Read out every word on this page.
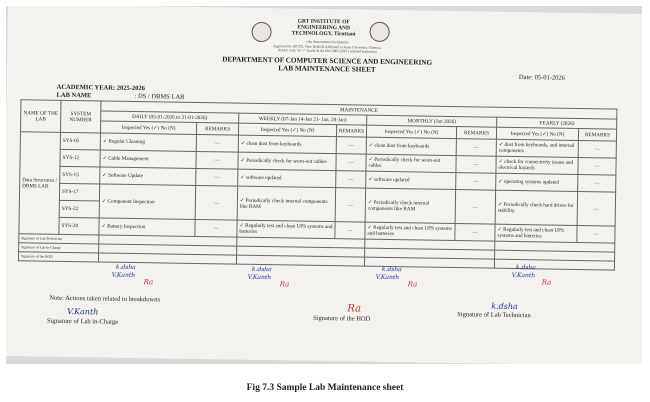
GRT INSTITUTE OF
ENGINEERING AND
TECHNOLOGY, Tiruttani
(An Autonomous Institution)
Approved by AICTE, New Delhi & Affiliated to Anna University, Chennai.
NAAC with "A++" Grade & An ISO 9001:2015 Certified Institution
DEPARTMENT OF COMPUTER SCIENCE AND ENGINEERING
LAB MAINTENANCE SHEET
Date: 05-01-2026
ACADEMIC YEAR: 2025-2026
LAB NAME	: DS / DBMS LAB
NAME OF THE LAB	SYSTEM NUMBER	MAINTENANCE							
		DAILY (05-01-2026 to 31-01-2026)		WEEKLY (07-Jan 14-Jan 21- Jan, 28-Jan)		MONTHLY (Jan 2026)		YEARLY (2026)	
		Inspected Yes (✓) No (N)	REMARKS	Inspected Yes (✓) No (N)	REMARKS	Inspected Yes (✓) No (N)	REMARKS	Inspected Yes (✓) No (N)	REMARKS
Data Structures / DBMS LAB	SYS-05	✓ Regular Cleaning	—	✓ clean dust from keyboards	—	✓ clean dust from keyboards	—	✓ dust from keyboards, and internal components	—
	SYS-12	✓ Cable Management	—	✓ Periodically check for worn-out cables	—	✓ Periodically check for worn-out cables	—	✓ check for connectivity issues and electrical hazards	—
	SYS-15	✓ Software Update	—	✓ software updated	—	✓ software updated	—	✓ operating systems updated	—
	SYS-17	✓ Component Inspection	—	✓ Periodically check internal components like RAM	—	✓ Periodically check internal components like RAM	—	✓ Periodically check hard drives for stability.	—
	SYS-22								
	SYS-28	✓ Battery Inspection	—	✓ Regularly test and clean UPS systems and batteries	—	✓ Regularly test and clean UPS systems and batteries	—	✓ Regularly test and clean UPS systems and batteries	—
Signature of Lab Technician									
Signature of Lab In-Charge									
Signature of the HOD									
k.dsha
V.Kanth
Ra
k.dsha
V.Kanth
Ra
k.dsha
V.Kanth
Ra
k.dsha
V.Kanth
Ra
Note: Actions taken related to breakdowns
V.Kanth
Signature of Lab in-Charge
Ra
Signature of the HOD
k.dsha
Signature of Lab Technician
Fig 7.3 Sample Lab Maintenance sheet
